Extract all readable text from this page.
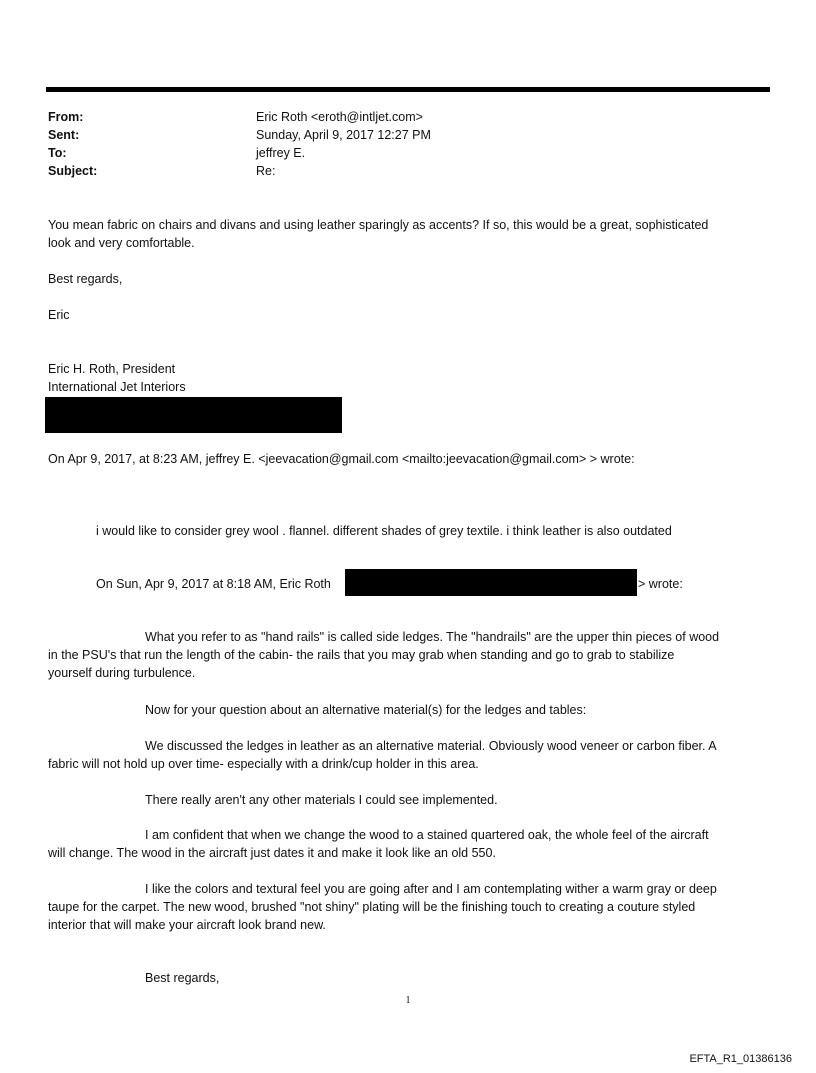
From:	Eric Roth <eroth@intljet.com>
Sent:	Sunday, April 9, 2017 12:27 PM
To:	jeffrey E.
Subject:	Re:

You mean fabric on chairs and divans and using leather sparingly as accents? If so, this would be a great, sophisticated

look and very comfortable.

Best regards,

Eric

Eric H. Roth, President

International Jet Interiors

On Apr 9, 2017, at 8:23 AM, jeffrey E. <jeevacation@gmail.com <mailto:jeevacation@gmail.com> > wrote:

i would like to consider grey wool . flannel. different shades of grey textile. i think leather is also outdated

On Sun, Apr 9, 2017 at 8:18 AM, Eric Roth	> wrote:

What you refer to as "hand rails" is called side ledges. The "handrails" are the upper thin pieces of wood

in the PSU's that run the length of the cabin- the rails that you may grab when standing and go to grab to stabilize

yourself during turbulence.

Now for your question about an alternative material(s) for the ledges and tables:

We discussed the ledges in leather as an alternative material. Obviously wood veneer or carbon fiber. A

fabric will not hold up over time- especially with a drink/cup holder in this area.

There really aren't any other materials I could see implemented.

I am confident that when we change the wood to a stained quartered oak, the whole feel of the aircraft

will change. The wood in the aircraft just dates it and make it look like an old 550.

I like the colors and textural feel you are going after and I am contemplating wither a warm gray or deep

taupe for the carpet. The new wood, brushed "not shiny" plating will be the finishing touch to creating a couture styled

interior that will make your aircraft look brand new.

Best regards,

1
EFTA_R1_01386136
